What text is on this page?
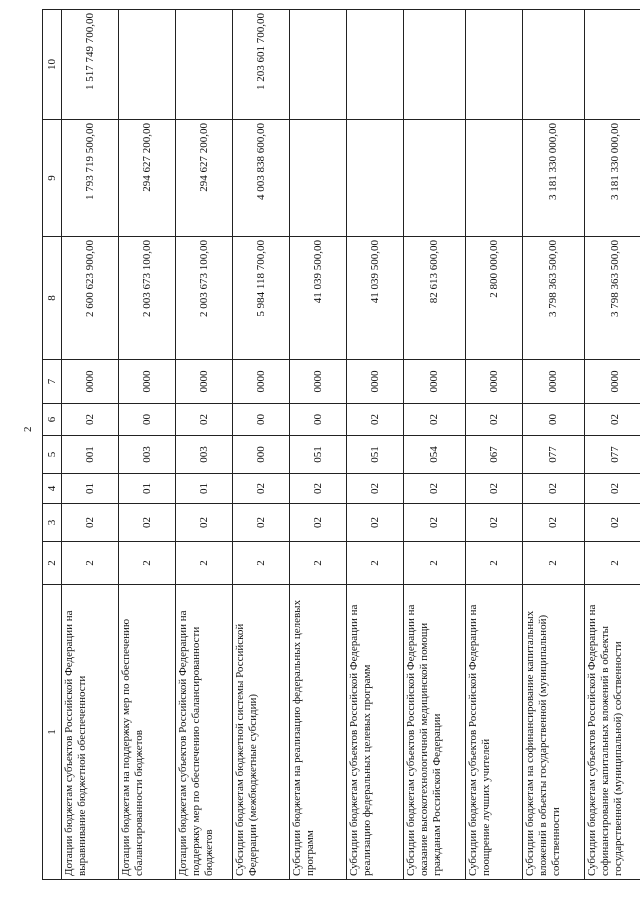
2
1	2	3	4	5	6	7	8	9	10
Дотации бюджетам субъектов Российской Федерации на выравнивание бюджетной обеспеченности	2	02	01	001	02	0000	2 600 623 900,00	1 793 719 500,00	1 517 749 700,00
Дотации бюджетам на поддержку мер по обеспечению сбалансированности бюджетов	2	02	01	003	00	0000	2 003 673 100,00	294 627 200,00	
Дотации бюджетам субъектов Российской Федерации на поддержку мер по обеспечению сбалансированности бюджетов	2	02	01	003	02	0000	2 003 673 100,00	294 627 200,00	
Субсидии бюджетам бюджетной системы Российской Федерации (межбюджетные субсидии)	2	02	02	000	00	0000	5 984 118 700,00	4 003 838 600,00	1 203 601 700,00
Субсидии бюджетам на реализацию федеральных целевых программ	2	02	02	051	00	0000	41 039 500,00		
Субсидии бюджетам субъектов Российской Федерации на реализацию федеральных целевых программ	2	02	02	051	02	0000	41 039 500,00		
Субсидии бюджетам субъектов Российской Федерации на оказание высокотехнологичной медицинской помощи гражданам Российской Федерации	2	02	02	054	02	0000	82 613 600,00		
Субсидии бюджетам субъектов Российской Федерации на поощрение лучших учителей	2	02	02	067	02	0000	2 800 000,00		
Субсидии бюджетам на софинансирование капитальных вложений в объекты государственной (муниципальной) собственности	2	02	02	077	00	0000	3 798 363 500,00	3 181 330 000,00	
Субсидии бюджетам субъектов Российской Федерации на софинансирование капитальных вложений в объекты государственной (муниципальной) собственности	2	02	02	077	02	0000	3 798 363 500,00	3 181 330 000,00	
